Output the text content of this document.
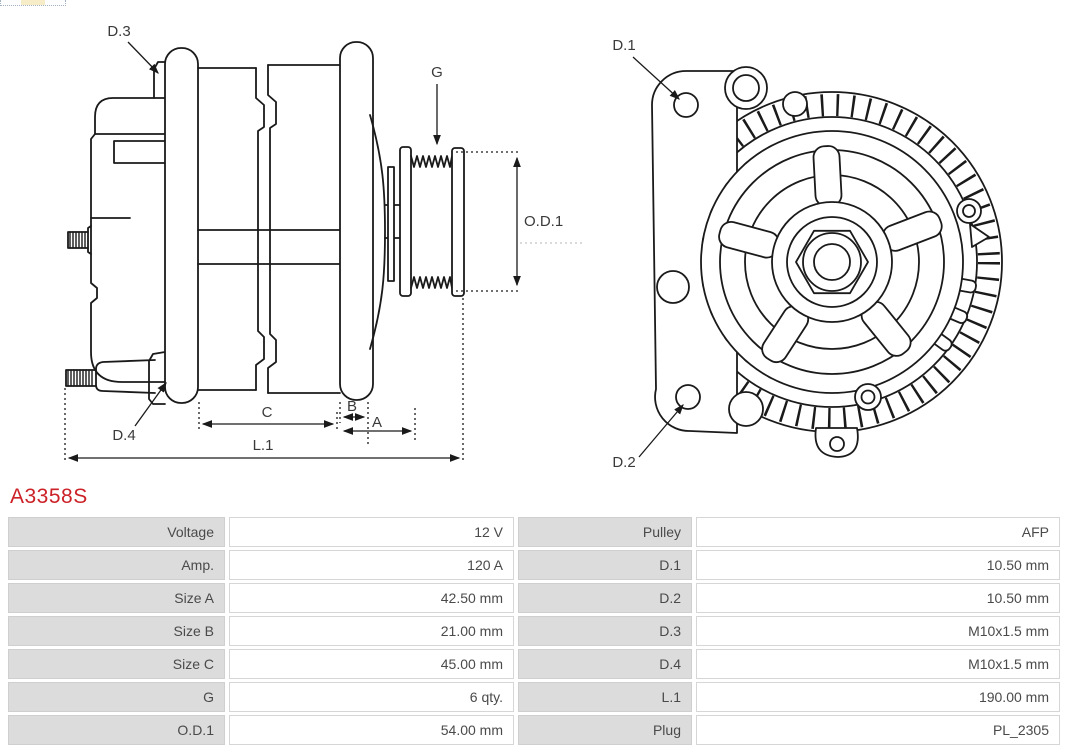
D.3
D.4
G
O.D.1
C	B
A
L.1
D.1
D.2
A3358S
Voltage	12 V	Pulley	AFP
Amp.	120 A	D.1	10.50 mm
Size A	42.50 mm	D.2	10.50 mm
Size B	21.00 mm	D.3	M10x1.5 mm
Size C	45.00 mm	D.4	M10x1.5 mm
G	6 qty.	L.1	190.00 mm
O.D.1	54.00 mm	Plug	PL_2305
